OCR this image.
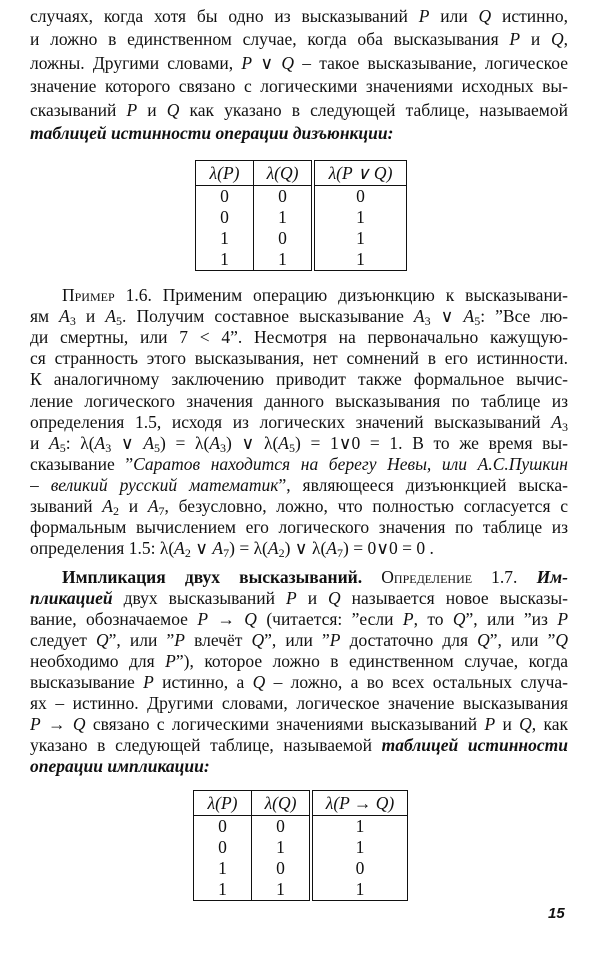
случаях, когда хотя бы одно из высказываний P или Q истинно,
и ложно в единственном случае, когда оба высказывания P и Q,
ложны. Другими словами, P ∨ Q – такое высказывание, логическое
значение которого связано с логическими значениями исходных вы-
сказываний P и Q как указано в следующей таблице, называемой
таблицей истинности операции дизъюнкции:
Пример 1.6. Применим операцию дизъюнкцию к высказывани-
ям A3 и A5. Получим составное высказывание A3 ∨ A5: ”Все лю-
ди смертны, или 7 < 4”. Несмотря на первоначально кажущую-
ся странность этого высказывания, нет сомнений в его истинности.
К аналогичному заключению приводит также формальное вычис-
ление логического значения данного высказывания по таблице из
определения 1.5, исходя из логических значений высказываний A3
и A5: λ(A3 ∨ A5) = λ(A3) ∨ λ(A5) = 1∨0 = 1. В то же время вы-
сказывание ”Саратов находится на берегу Невы, или А.С.Пушкин
– великий русский математик”, являющееся дизъюнкцией выска-
зываний A2 и A7, безусловно, ложно, что полностью согласуется с
формальным вычислением его логического значения по таблице из
определения 1.5: λ(A2 ∨ A7) = λ(A2) ∨ λ(A7) = 0∨0 = 0 .
Импликация двух высказываний. Определение 1.7. Им-
пликацией двух высказываний P и Q называется новое высказы-
вание, обозначаемое P → Q (читается: ”если P, то Q”, или ”из P
следует Q”, или ”P влечёт Q”, или ”P достаточно для Q”, или ”Q
необходимо для P”), которое ложно в единственном случае, когда
высказывание P истинно, а Q – ложно, а во всех остальных случа-
ях – истинно. Другими словами, логическое значение высказывания
P → Q связано с логическими значениями высказываний P и Q, как
указано в следующей таблице, называемой таблицей истинности
операции импликации:
λ(P)	λ(Q)	λ(P ∨ Q)
0	0	0
0	1	1
1	0	1
1	1	1
λ(P)	λ(Q)	λ(P → Q)
0	0	1
0	1	1
1	0	0
1	1	1
15
